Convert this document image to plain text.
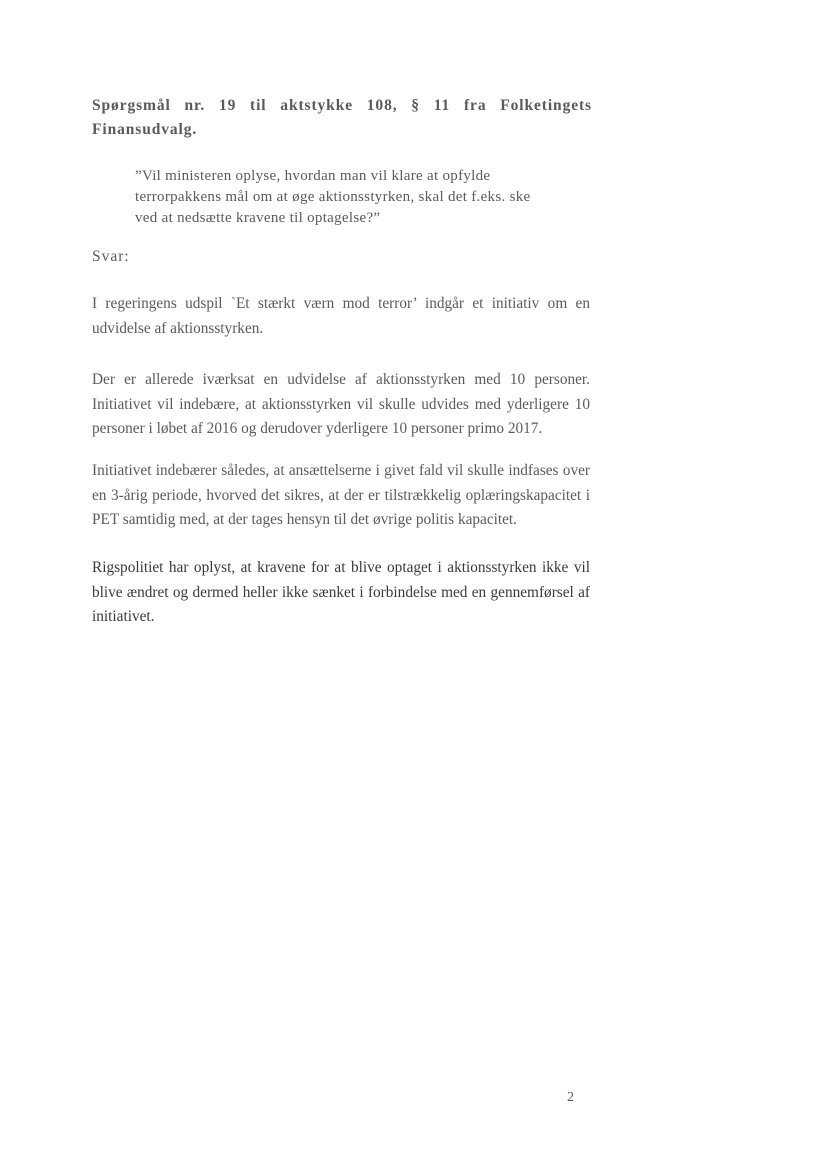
Spørgsmål nr. 19 til aktstykke 108, § 11 fra Folketingets Finansudvalg.
”Vil ministeren oplyse, hvordan man vil klare at opfylde terrorpakkens mål om at øge aktionsstyrken, skal det f.eks. ske ved at nedsætte kravene til optagelse?”
Svar:
I regeringens udspil `Et stærkt værn mod terror’ indgår et initiativ om en udvidelse af aktionsstyrken.
Der er allerede iværksat en udvidelse af aktionsstyrken med 10 personer. Initiativet vil indebære, at aktionsstyrken vil skulle udvides med yderligere 10 personer i løbet af 2016 og derudover yderligere 10 personer primo 2017.
Initiativet indebærer således, at ansættelserne i givet fald vil skulle indfases over en 3-årig periode, hvorved det sikres, at der er tilstrækkelig oplæringskapacitet i PET samtidig med, at der tages hensyn til det øvrige politis kapacitet.
Rigspolitiet har oplyst, at kravene for at blive optaget i aktionsstyrken ikke vil blive ændret og dermed heller ikke sænket i forbindelse med en gennemførsel af initiativet.
2
